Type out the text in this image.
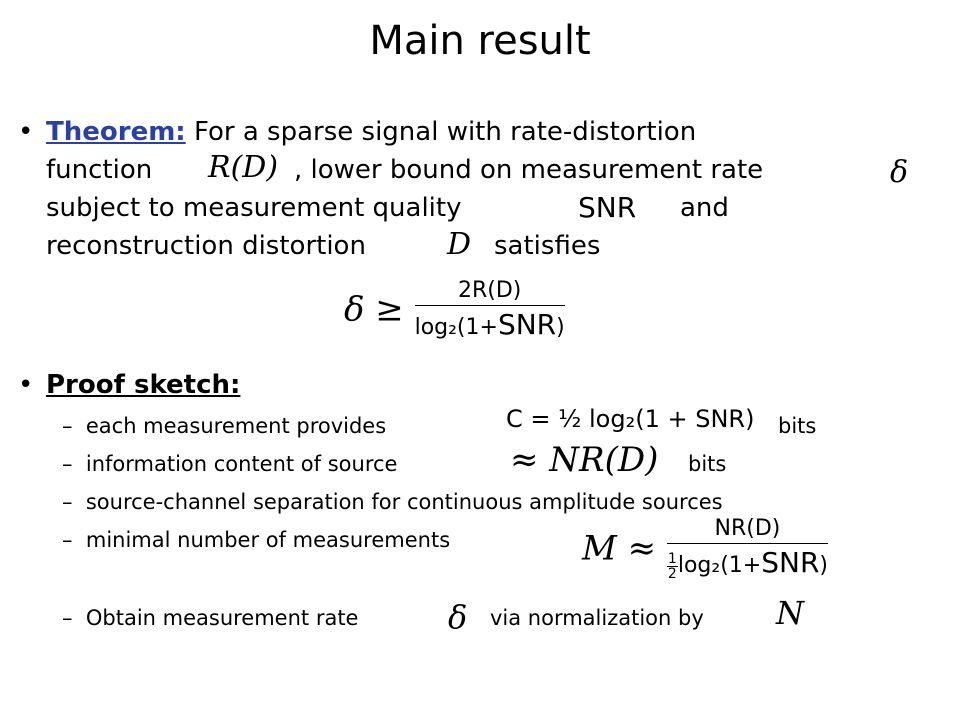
Main result
• Theorem: For a sparse signal with rate-distortion
function R(D) , lower bound on measurement rate	δ
subject to measurement quality	SNR and
reconstruction distortion	D satisfies
$\delta \ge \frac{2R(D)}{\text{log₂(1+SNR)}}$
• Proof sketch:
– each measurement provides	C = ½ log₂(1 + SNR) bits
– information content of source	≈ NR(D) bits
– source-channel separation for continuous amplitude sources
– minimal number of measurements	$M \approx \frac{NR(D)}{\frac{1}{2} \log_2(1+SNR)}$
– Obtain measurement rate	δ via normalization by N
